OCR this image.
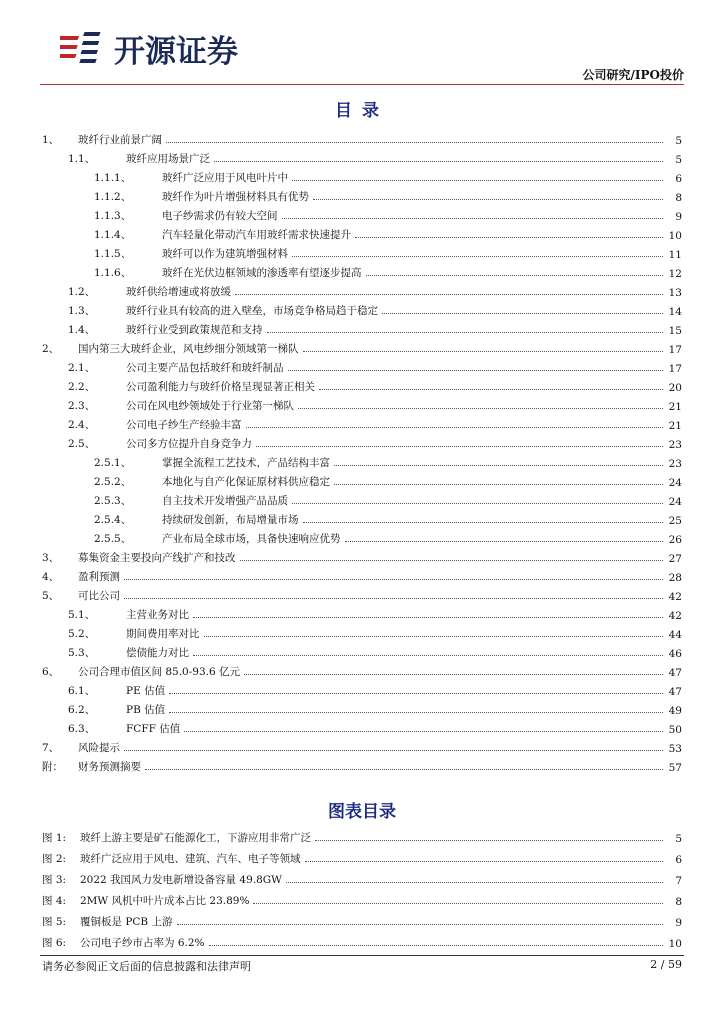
开源证券
公司研究/IPO投价
目录
1、 玻纤行业前景广阔	5
1.1、	玻纤应用场景广泛	5
1.1.1、	玻纤广泛应用于风电叶片中	6
1.1.2、	玻纤作为叶片增强材料具有优势	8
1.1.3、	电子纱需求仍有较大空间	9
1.1.4、	汽车轻量化带动汽车用玻纤需求快速提升	10
1.1.5、	玻纤可以作为建筑增强材料	11
1.1.6、	玻纤在光伏边框领域的渗透率有望逐步提高	12
1.2、	玻纤供给增速或将放缓	13
1.3、	玻纤行业具有较高的进入壁垒，市场竞争格局趋于稳定	14
1.4、	玻纤行业受到政策规范和支持	15
2、 国内第三大玻纤企业，风电纱细分领域第一梯队	17
2.1、	公司主要产品包括玻纤和玻纤制品	17
2.2、	公司盈利能力与玻纤价格呈现显著正相关	20
2.3、	公司在风电纱领域处于行业第一梯队	21
2.4、	公司电子纱生产经验丰富	21
2.5、	公司多方位提升自身竞争力	23
2.5.1、	掌握全流程工艺技术，产品结构丰富	23
2.5.2、	本地化与自产化保证原材料供应稳定	24
2.5.3、	自主技术开发增强产品品质	24
2.5.4、	持续研发创新，布局增量市场	25
2.5.5、	产业布局全球市场，具备快速响应优势	26
3、 募集资金主要投向产线扩产和技改	27
4、 盈利预测	28
5、 可比公司	42
5.1、	主营业务对比	42
5.2、	期间费用率对比	44
5.3、	偿债能力对比	46
6、 公司合理市值区间 85.0-93.6 亿元	47
6.1、	PE 估值	47
6.2、	PB 估值	49
6.3、	FCFF 估值	50
7、 风险提示	53
附： 财务预测摘要	57
图表目录
图 1:	玻纤上游主要是矿石能源化工，下游应用非常广泛	5
图 2:	玻纤广泛应用于风电、建筑、汽车、电子等领域	6
图 3:	2022 我国风力发电新增设备容量 49.8GW	7
图 4:	2MW 风机中叶片成本占比 23.89%	8
图 5:	覆铜板是 PCB 上游	9
图 6:	公司电子纱市占率为 6.2%	10
请务必参阅正文后面的信息披露和法律声明	2 / 59
